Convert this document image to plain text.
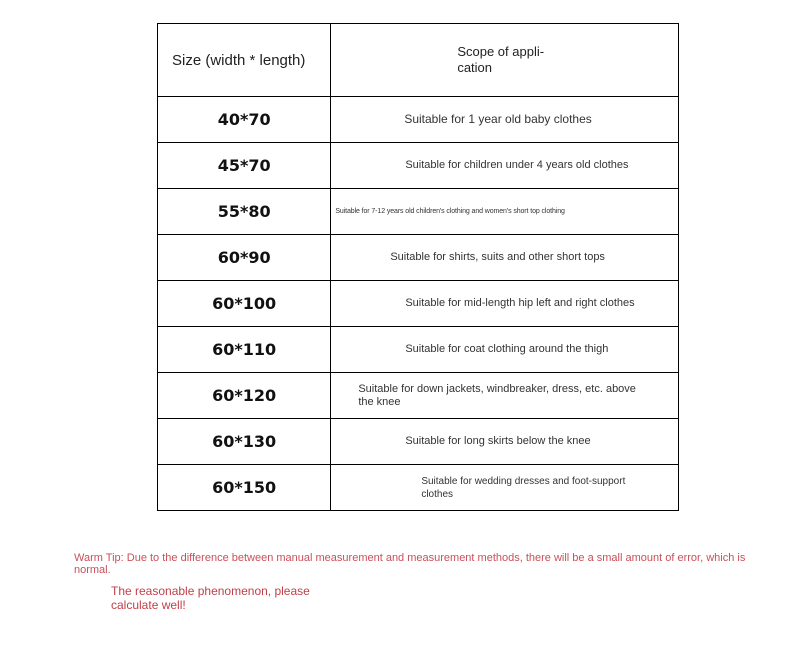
Size (width * length)	Scope of appli- cation
40*70	Suitable for 1 year old baby clothes
45*70	Suitable for children under 4 years old clothes
55*80	Suitable for 7-12 years old children's clothing and women's short top clothing
60*90	Suitable for shirts, suits and other short tops
60*100	Suitable for mid-length hip left and right clothes
60*110	Suitable for coat clothing around the thigh
60*120	Suitable for down jackets, windbreaker, dress, etc. above the knee
60*130	Suitable for long skirts below the knee
60*150	Suitable for wedding dresses and foot-support clothes
Warm Tip: Due to the difference between manual measurement and measurement methods, there will be a small amount of error, which is normal.
The reasonable phenomenon, please calculate well!
